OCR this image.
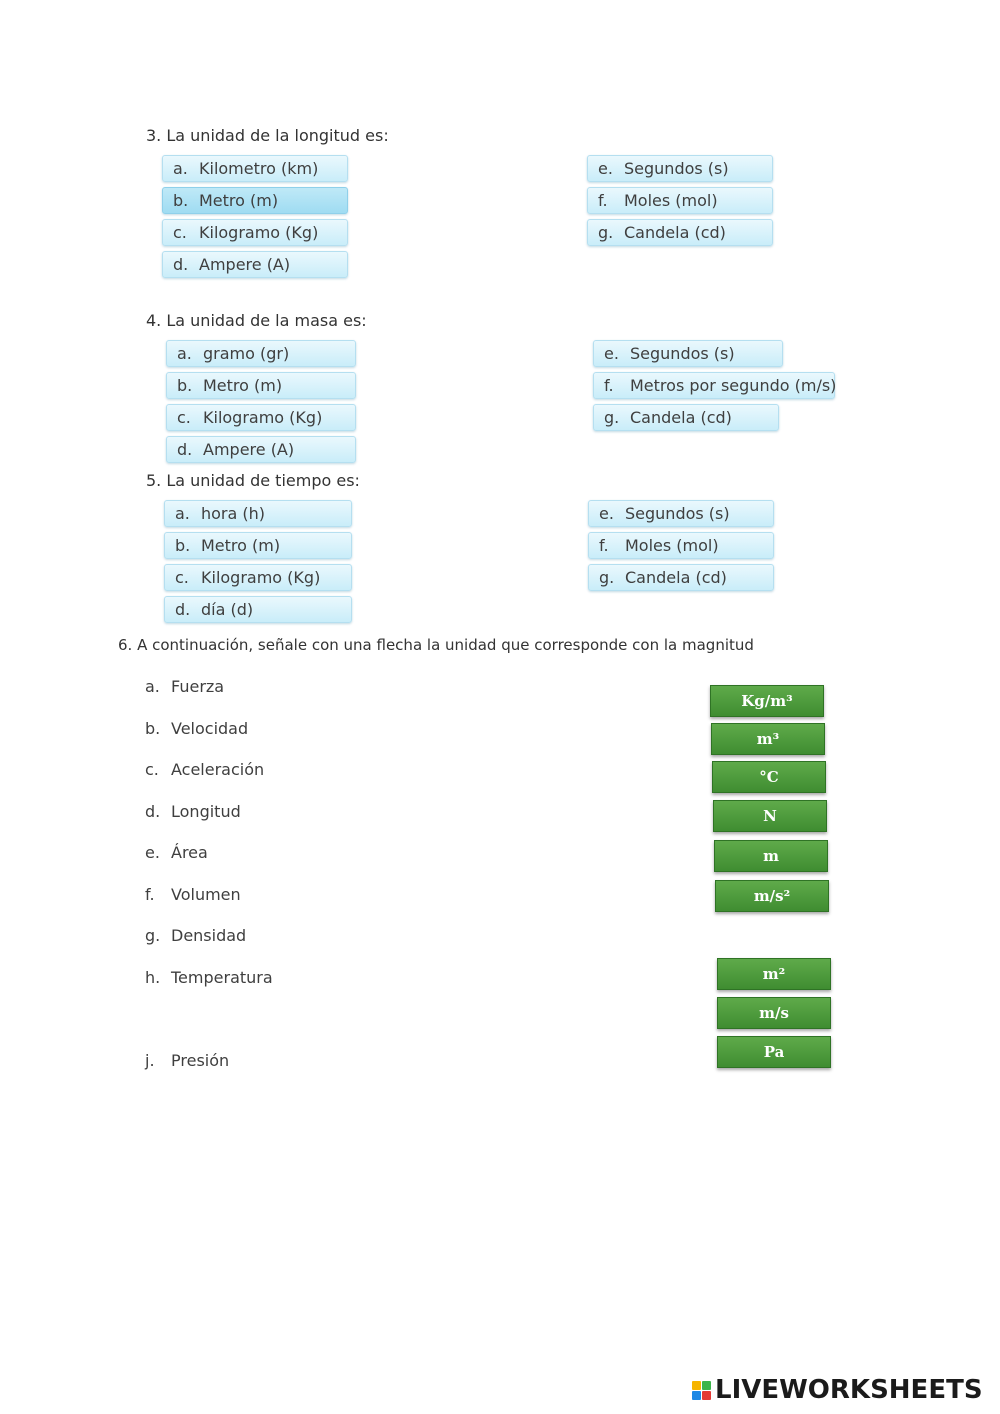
3. La unidad de la longitud es:
a. Kilometro (km)
b. Metro (m)
c. Kilogramo (Kg)
d. Ampere (A)
e. Segundos (s)
f. Moles (mol)
g. Candela (cd)
4. La unidad de la masa es:
a. gramo (gr)
b. Metro (m)
c. Kilogramo (Kg)
d. Ampere (A)
e. Segundos (s)
f. Metros por segundo (m/s)
g. Candela (cd)
5. La unidad de tiempo es:
a. hora (h)
b. Metro (m)
c. Kilogramo (Kg)
d. día (d)
e. Segundos (s)
f. Moles (mol)
g. Candela (cd)
6. A continuación, señale con una flecha la unidad que corresponde con la magnitud
a. Fuerza
b. Velocidad
c. Aceleración
d. Longitud
e. Área
f. Volumen
g. Densidad
h. Temperatura
j. Presión
Kg/m³
m³
°C
N
m
m/s²
m²
m/s
Pa
LIVEWORKSHEETS
